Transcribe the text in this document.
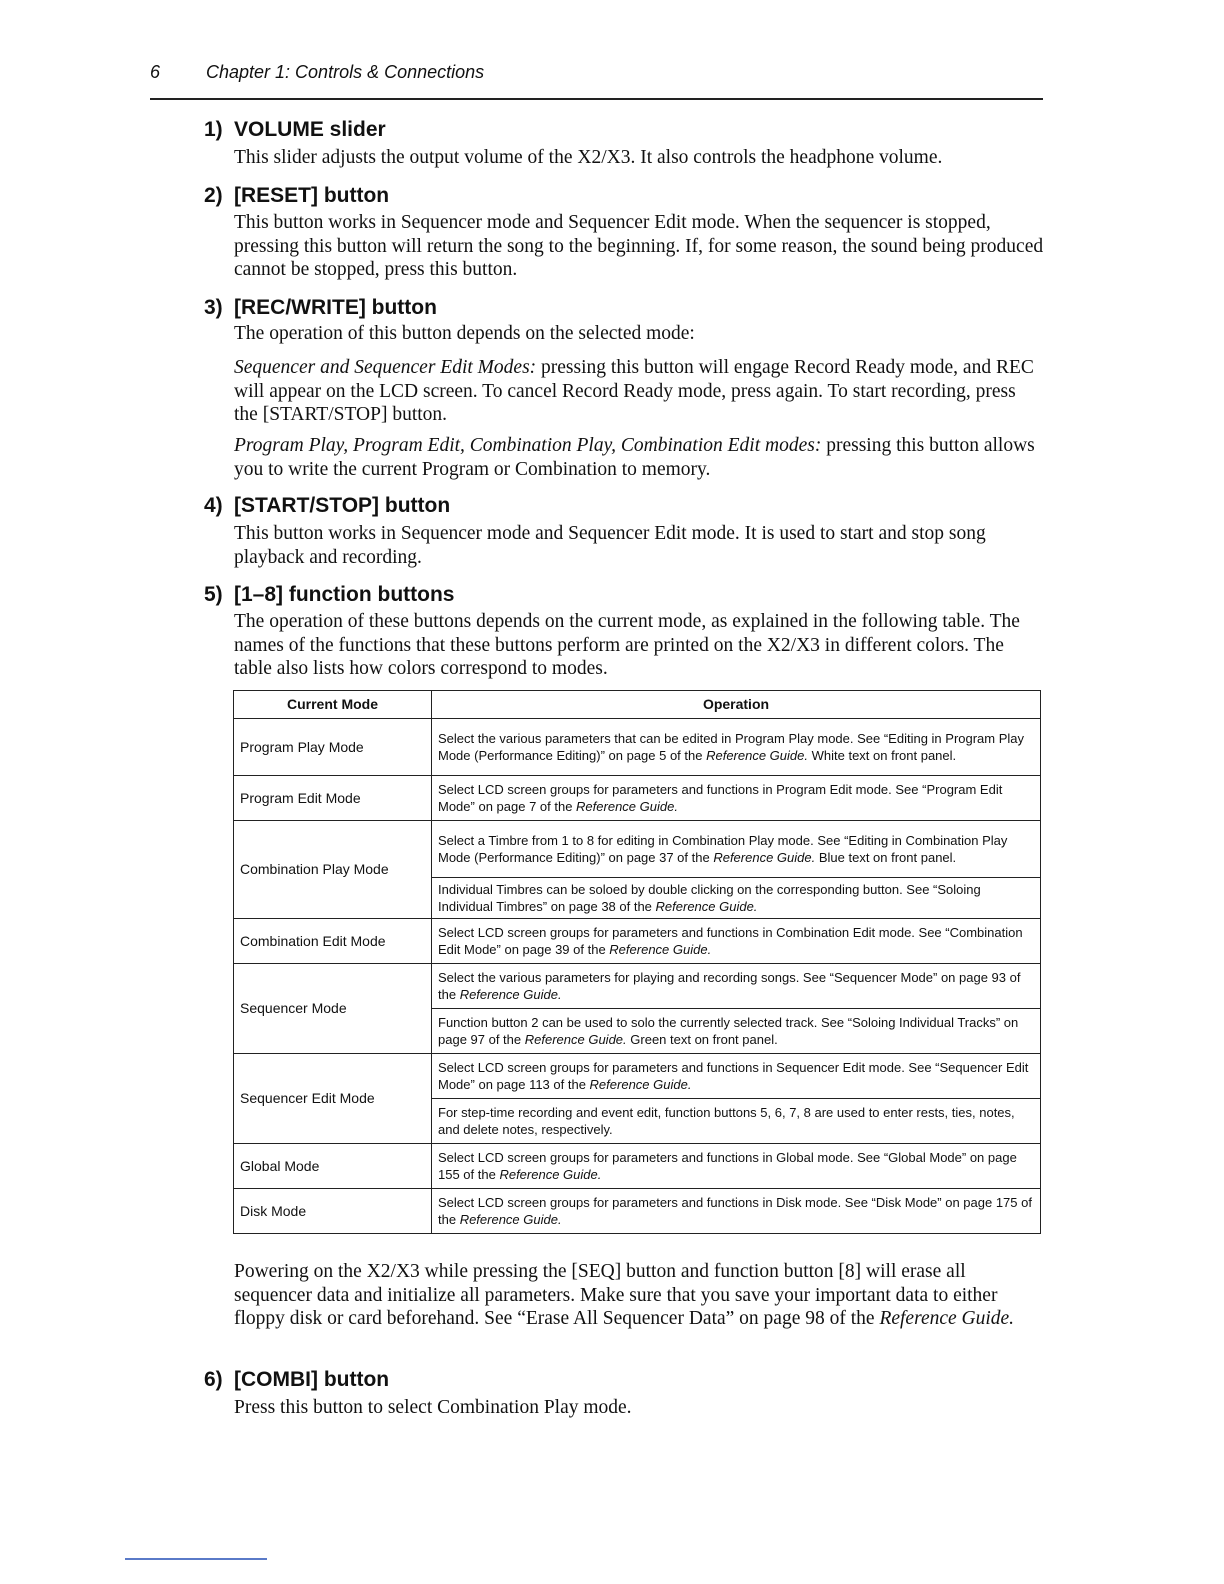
6	Chapter 1: Controls & Connections
1) VOLUME slider
This slider adjusts the output volume of the X2/X3. It also controls the headphone volume.
2) [RESET] button
This button works in Sequencer mode and Sequencer Edit mode. When the sequencer is stopped, pressing this button will return the song to the beginning. If, for some reason, the sound being produced cannot be stopped, press this button.
3) [REC/WRITE] button
The operation of this button depends on the selected mode:
Sequencer and Sequencer Edit Modes: pressing this button will engage Record Ready mode, and REC will appear on the LCD screen. To cancel Record Ready mode, press again. To start recording, press the [START/STOP] button.
Program Play, Program Edit, Combination Play, Combination Edit modes: pressing this button allows you to write the current Program or Combination to memory.
4) [START/STOP] button
This button works in Sequencer mode and Sequencer Edit mode. It is used to start and stop song playback and recording.
5) [1–8] function buttons
The operation of these buttons depends on the current mode, as explained in the following table. The names of the functions that these buttons perform are printed on the X2/X3 in different colors. The table also lists how colors correspond to modes.
Current Mode	Operation
Program Play Mode	Select the various parameters that can be edited in Program Play mode. See “Editing in Program Play Mode (Performance Editing)” on page 5 of the Reference Guide. White text on front panel.
Program Edit Mode	Select LCD screen groups for parameters and functions in Program Edit mode. See “Program Edit Mode” on page 7 of the Reference Guide.
Combination Play Mode	Select a Timbre from 1 to 8 for editing in Combination Play mode. See “Editing in Combination Play Mode (Performance Editing)” on page 37 of the Reference Guide. Blue text on front panel.
	Individual Timbres can be soloed by double clicking on the corresponding button. See “Soloing Individual Timbres” on page 38 of the Reference Guide.
Combination Edit Mode	Select LCD screen groups for parameters and functions in Combination Edit mode. See “Combination Edit Mode” on page 39 of the Reference Guide.
Sequencer Mode	Select the various parameters for playing and recording songs. See “Sequencer Mode” on page 93 of the Reference Guide.
	Function button 2 can be used to solo the currently selected track. See “Soloing Individual Tracks” on page 97 of the Reference Guide. Green text on front panel.
Sequencer Edit Mode	Select LCD screen groups for parameters and functions in Sequencer Edit mode. See “Sequencer Edit Mode” on page 113 of the Reference Guide.
	For step-time recording and event edit, function buttons 5, 6, 7, 8 are used to enter rests, ties, notes, and delete notes, respectively.
Global Mode	Select LCD screen groups for parameters and functions in Global mode. See “Global Mode” on page 155 of the Reference Guide.
Disk Mode	Select LCD screen groups for parameters and functions in Disk mode. See “Disk Mode” on page 175 of the Reference Guide.
Powering on the X2/X3 while pressing the [SEQ] button and function button [8] will erase all sequencer data and initialize all parameters. Make sure that you save your important data to either floppy disk or card beforehand. See “Erase All Sequencer Data” on page 98 of the Reference Guide.
6) [COMBI] button
Press this button to select Combination Play mode.
